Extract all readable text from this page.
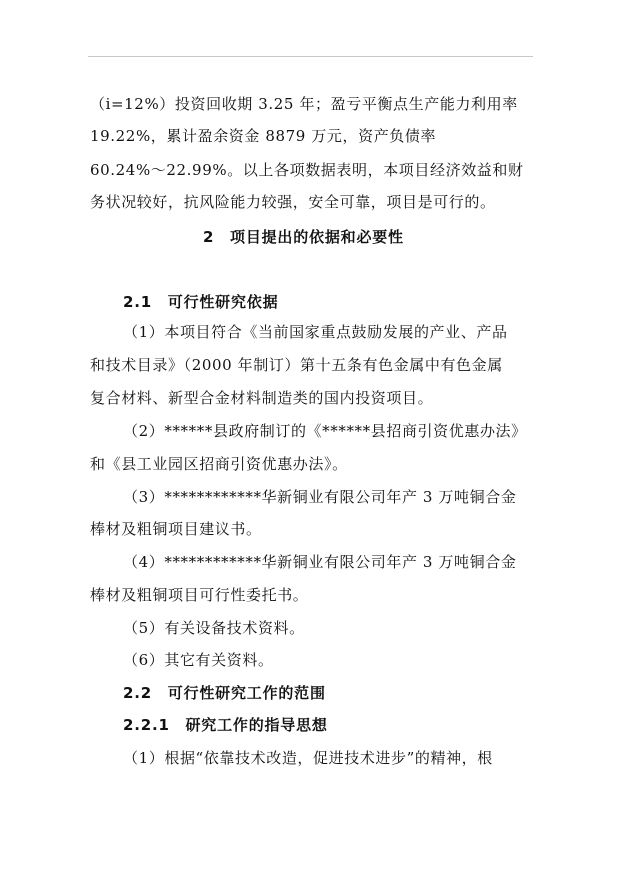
（i=12%）投资回收期 3.25 年；盈亏平衡点生产能力利用率
19.22%，累计盈余资金 8879 万元，资产负债率
60.24%～22.99%。以上各项数据表明，本项目经济效益和财
务状况较好，抗风险能力较强，安全可靠，项目是可行的。
2　项目提出的依据和必要性
2.1　可行性研究依据
（1）本项目符合《当前国家重点鼓励发展的产业、产品
和技术目录》（2000 年制订）第十五条有色金属中有色金属
复合材料、新型合金材料制造类的国内投资项目。
（2）******县政府制订的《******县招商引资优惠办法》
和《县工业园区招商引资优惠办法》。
（3）************华新铜业有限公司年产 3 万吨铜合金
棒材及粗铜项目建议书。
（4）************华新铜业有限公司年产 3 万吨铜合金
棒材及粗铜项目可行性委托书。
（5）有关设备技术资料。
（6）其它有关资料。
2.2　可行性研究工作的范围
2.2.1　研究工作的指导思想
（1）根据“依靠技术改造，促进技术进步”的精神，根
